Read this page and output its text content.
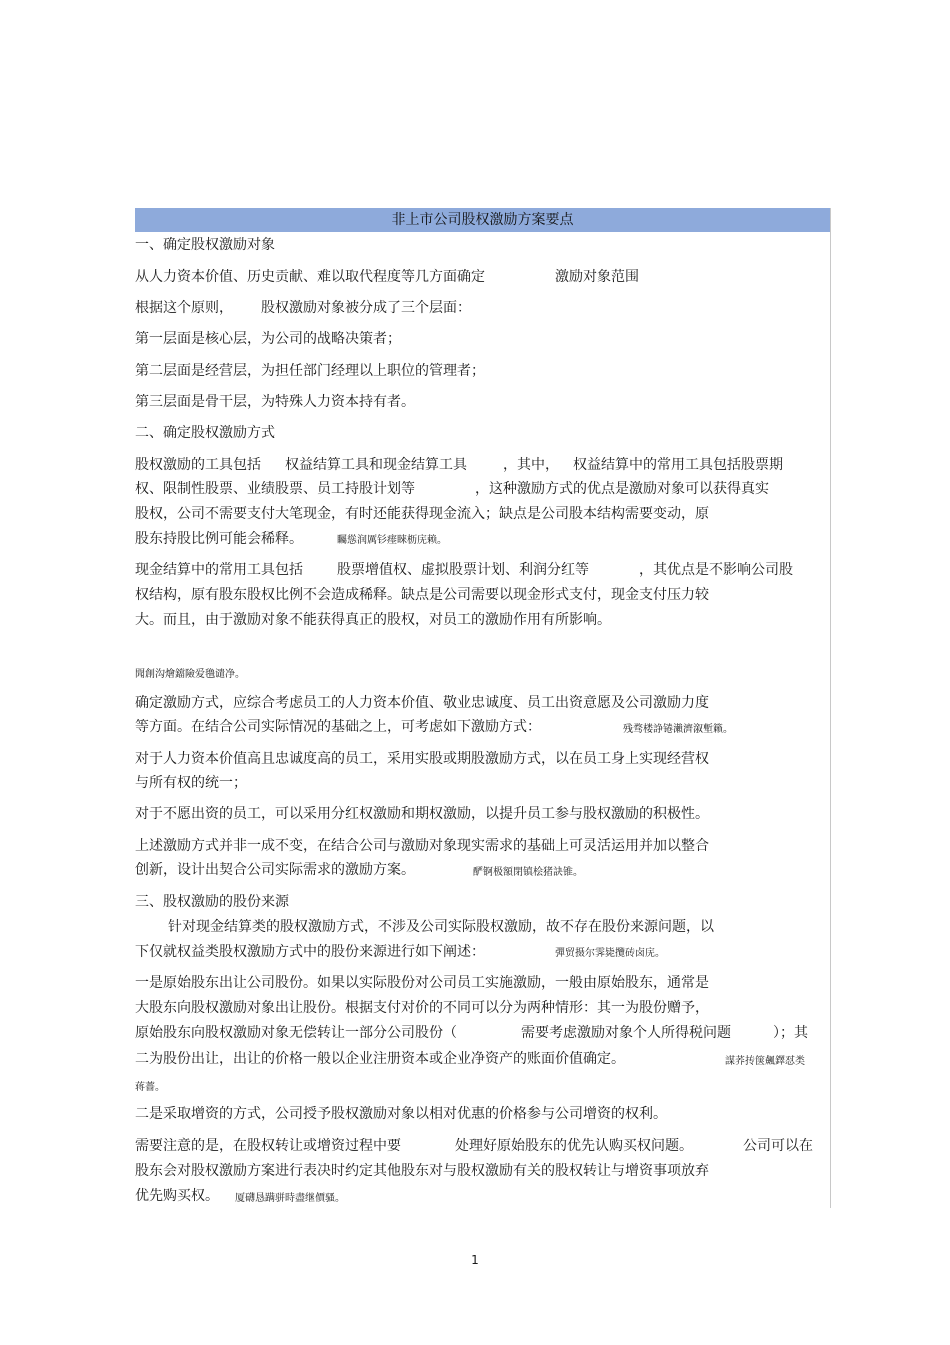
非上市公司股权激励方案要点
一、确定股权激励对象
从人力资本价值、历史贡献、难以取代程度等几方面确定	激励对象范围
根据这个原则， 股权激励对象被分成了三个层面：
第一层面是核心层，为公司的战略决策者；
第二层面是经营层，为担任部门经理以上职位的管理者；
第三层面是骨干层，为特殊人力资本持有者。
二、确定股权激励方式
股权激励的工具包括 权益结算工具和现金结算工具	，其中， 权益结算中的常用工具包括股票期
权、限制性股票、业绩股票、员工持股计划等	，这种激励方式的优点是激励对象可以获得真实
股权，公司不需要支付大笔现金，有时还能获得现金流入；缺点是公司股本结构需要变动，原
股东持股比例可能会稀释。	矚慫润厲钐瘗睞枥庑赖。
现金结算中的常用工具包括 股票增值权、虚拟股票计划、利润分红等	，其优点是不影响公司股
权结构，原有股东股权比例不会造成稀释。缺点是公司需要以现金形式支付，现金支付压力较
大。而且，由于激励对象不能获得真正的股权，对员工的激励作用有所影响。
聞創沟燴鐺險爱氇谴净。
确定激励方式，应综合考虑员工的人力资本价值、敬业忠诚度、员工出资意愿及公司激励力度
等方面。在结合公司实际情况的基础之上，可考虑如下激励方式：	残骛楼諍锩瀨濟溆塹籟。
对于人力资本价值高且忠诚度高的员工，采用实股或期股激励方式，以在员工身上实现经营权
与所有权的统一；
对于不愿出资的员工，可以采用分红权激励和期权激励，以提升员工参与股权激励的积极性。
上述激励方式并非一成不变，在结合公司与激励对象现实需求的基础上可灵活运用并加以整合
创新，设计出契合公司实际需求的激励方案。	酽锕极額閉镇桧猪訣锥。
三、股权激励的股份来源
针对现金结算类的股权激励方式，不涉及公司实际股权激励，故不存在股份来源问题，以
下仅就权益类股权激励方式中的股份来源进行如下阐述：	彈贸摄尔霁毙攬砖卤庑。
一是原始股东出让公司股份。如果以实际股份对公司员工实施激励，一般由原始股东，通常是
大股东向股权激励对象出让股份。根据支付对价的不同可以分为两种情形：其一为股份赠予，
原始股东向股权激励对象无偿转让一部分公司股份（	需要考虑激励对象个人所得税问题	）；其
二为股份出让，出让的价格一般以企业注册资本或企业净资产的账面价值确定。	謀荞抟箧飆鐸怼类
蒋薔。
二是采取增资的方式，公司授予股权激励对象以相对优惠的价格参与公司增资的权利。
需要注意的是，在股权转让或增资过程中要	处理好原始股东的优先认购买权问题。	公司可以在
股东会对股权激励方案进行表决时约定其他股东对与股权激励有关的股权转让与增资事项放弃
优先购买权。 厦礴恳蹒骈時盡继價骚。
1
